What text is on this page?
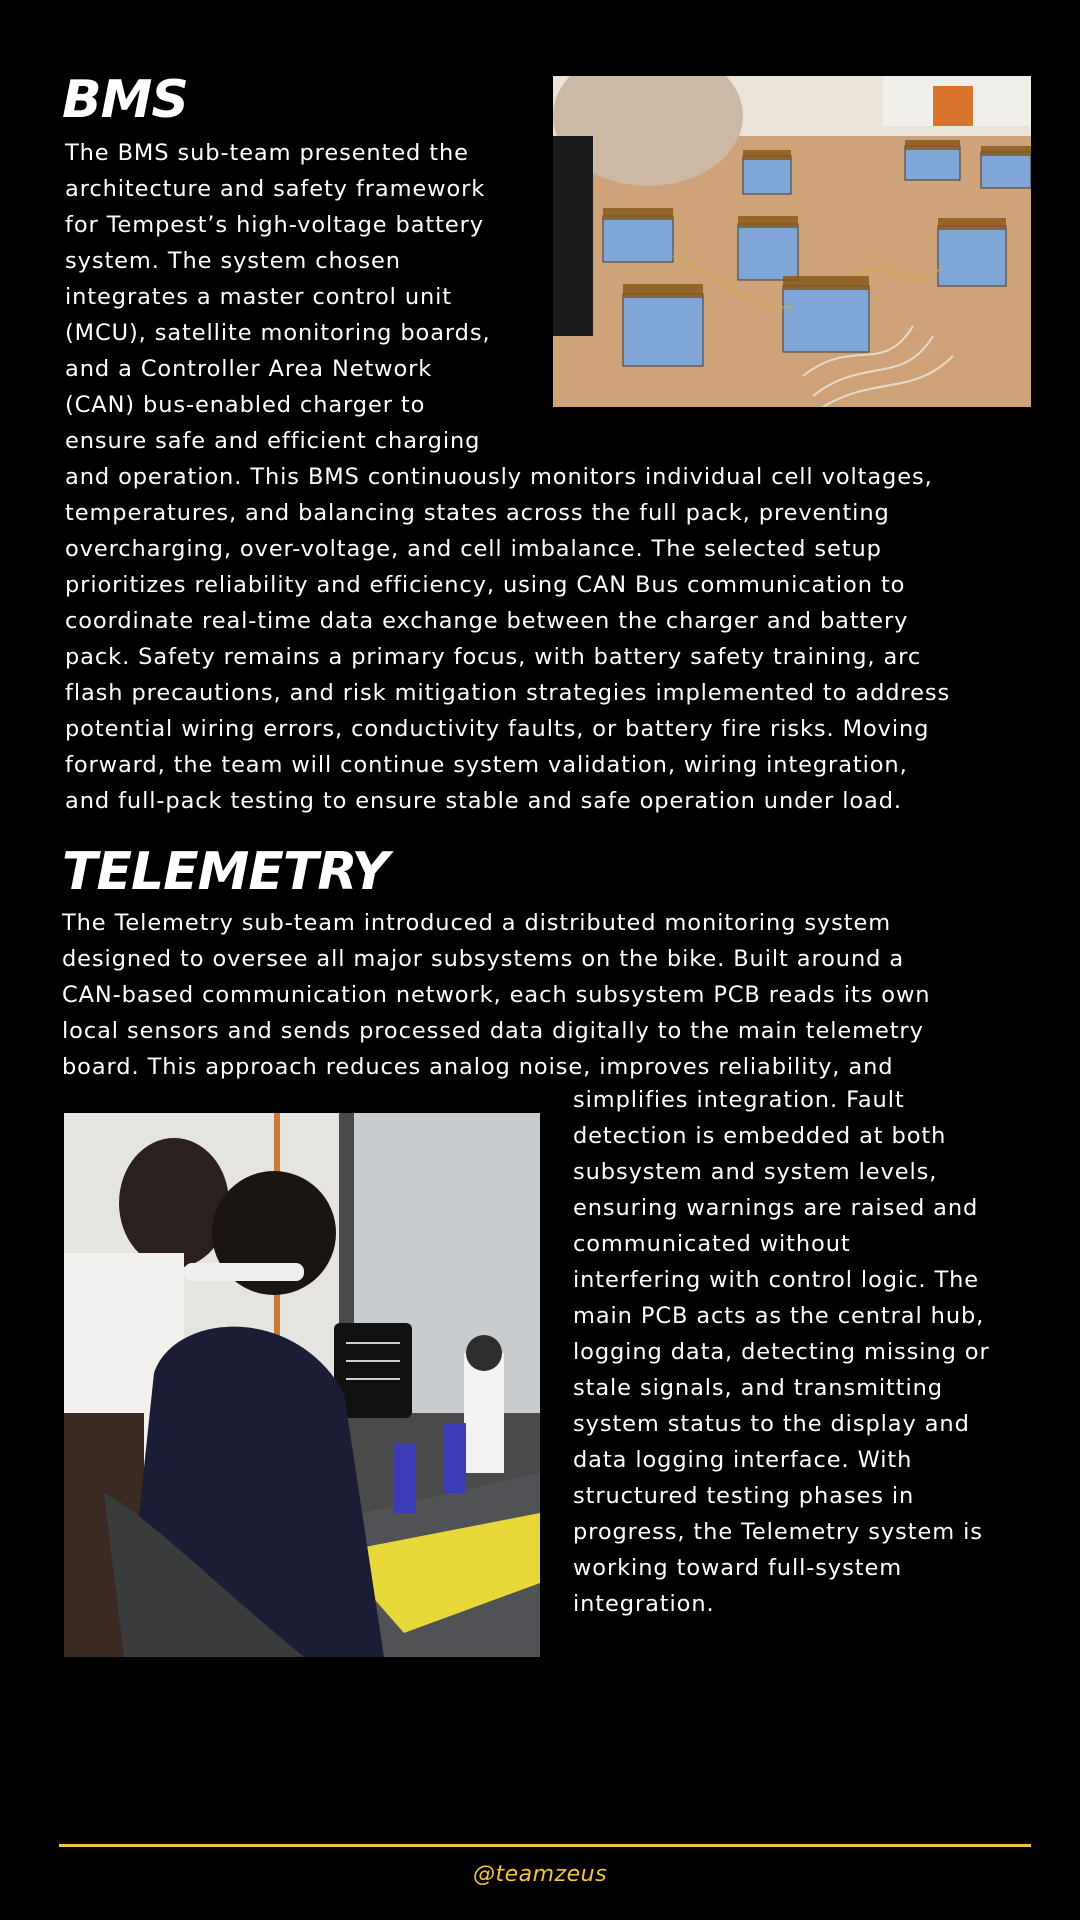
BMS
The BMS sub-team presented the
architecture and safety framework
for Tempest’s high-voltage battery
system. The system chosen
integrates a master control unit
(MCU), satellite monitoring boards,
and a Controller Area Network
(CAN) bus-enabled charger to
ensure safe and efficient charging
and operation. This BMS continuously monitors individual cell voltages,
temperatures, and balancing states across the full pack, preventing
overcharging, over-voltage, and cell imbalance. The selected setup
prioritizes reliability and efficiency, using CAN Bus communication to
coordinate real-time data exchange between the charger and battery
pack. Safety remains a primary focus, with battery safety training, arc
flash precautions, and risk mitigation strategies implemented to address
potential wiring errors, conductivity faults, or battery fire risks. Moving
forward, the team will continue system validation, wiring integration,
and full-pack testing to ensure stable and safe operation under load.
TELEMETRY
The Telemetry sub-team introduced a distributed monitoring system
designed to oversee all major subsystems on the bike. Built around a
CAN-based communication network, each subsystem PCB reads its own
local sensors and sends processed data digitally to the main telemetry
board. This approach reduces analog noise, improves reliability, and
simplifies integration. Fault
detection is embedded at both
subsystem and system levels,
ensuring warnings are raised and
communicated without
interfering with control logic. The
main PCB acts as the central hub,
logging data, detecting missing or
stale signals, and transmitting
system status to the display and
data logging interface. With
structured testing phases in
progress, the Telemetry system is
working toward full-system
integration.
@teamzeus
